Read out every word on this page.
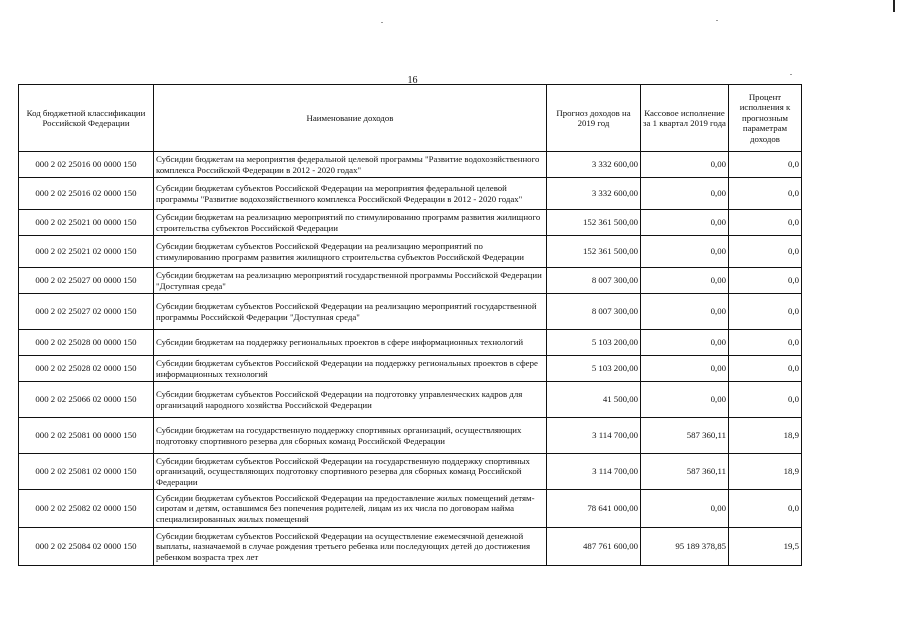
16
Код бюджетной классификации Российской Федерации	Наименование доходов	Прогноз доходов на 2019 год	Кассовое исполнение за 1 квартал 2019 года	Процент исполнения к прогнозным параметрам доходов
000 2 02 25016 00 0000 150	Субсидии бюджетам на мероприятия федеральной целевой программы "Развитие водохозяйственного комплекса Российской Федерации в 2012 - 2020 годах"	3 332 600,00	0,00	0,0
000 2 02 25016 02 0000 150	Субсидии бюджетам субъектов Российской Федерации на мероприятия федеральной целевой программы "Развитие водохозяйственного комплекса Российской Федерации в 2012 - 2020 годах"	3 332 600,00	0,00	0,0
000 2 02 25021 00 0000 150	Субсидии бюджетам на реализацию мероприятий по стимулированию программ развития жилищного строительства субъектов Российской Федерации	152 361 500,00	0,00	0,0
000 2 02 25021 02 0000 150	Субсидии бюджетам субъектов Российской Федерации на реализацию мероприятий по стимулированию программ развития жилищного строительства субъектов Российской Федерации	152 361 500,00	0,00	0,0
000 2 02 25027 00 0000 150	Субсидии бюджетам на реализацию мероприятий государственной программы Российской Федерации "Доступная среда"	8 007 300,00	0,00	0,0
000 2 02 25027 02 0000 150	Субсидии бюджетам субъектов Российской Федерации на реализацию мероприятий государственной программы Российской Федерации "Доступная среда"	8 007 300,00	0,00	0,0
000 2 02 25028 00 0000 150	Субсидии бюджетам на поддержку региональных проектов в сфере информационных технологий	5 103 200,00	0,00	0,0
000 2 02 25028 02 0000 150	Субсидии бюджетам субъектов Российской Федерации на поддержку региональных проектов в сфере информационных технологий	5 103 200,00	0,00	0,0
000 2 02 25066 02 0000 150	Субсидии бюджетам субъектов Российской Федерации на подготовку управленческих кадров для организаций народного хозяйства Российской Федерации	41 500,00	0,00	0,0
000 2 02 25081 00 0000 150	Субсидии бюджетам на государственную поддержку спортивных организаций, осуществляющих подготовку спортивного резерва для сборных команд Российской Федерации	3 114 700,00	587 360,11	18,9
000 2 02 25081 02 0000 150	Субсидии бюджетам субъектов Российской Федерации на государственную поддержку спортивных организаций, осуществляющих подготовку спортивного резерва для сборных команд Российской Федерации	3 114 700,00	587 360,11	18,9
000 2 02 25082 02 0000 150	Субсидии бюджетам субъектов Российской Федерации на предоставление жилых помещений детям-сиротам и детям, оставшимся без попечения родителей, лицам из их числа по договорам найма специализированных жилых помещений	78 641 000,00	0,00	0,0
000 2 02 25084 02 0000 150	Субсидии бюджетам субъектов Российской Федерации на осуществление ежемесячной денежной выплаты, назначаемой в случае рождения третьего ребенка или последующих детей до достижения ребенком возраста трех лет	487 761 600,00	95 189 378,85	19,5
